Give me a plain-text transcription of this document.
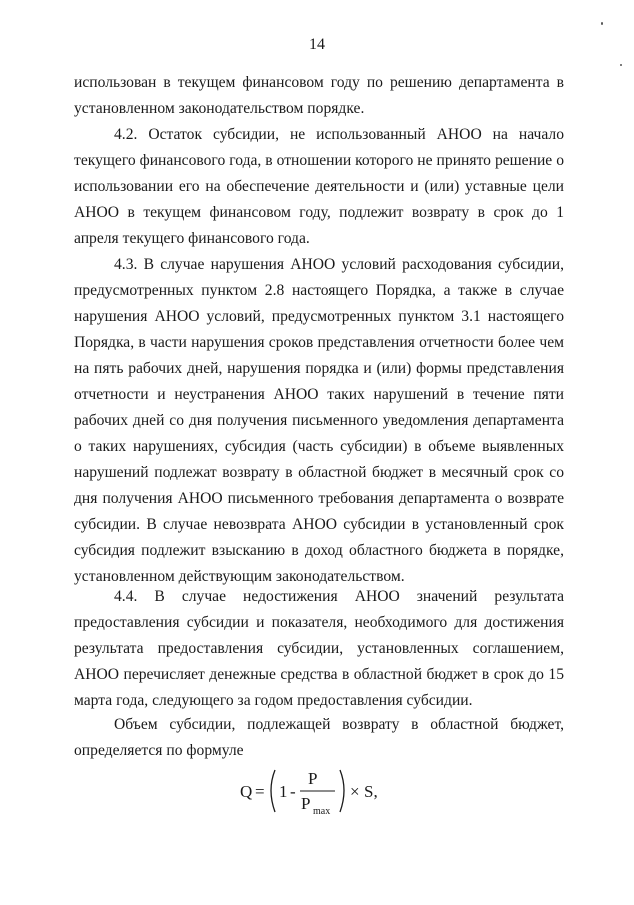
14

использован в текущем финансовом году по решению департамента в установленном законодательством порядке.

4.2. Остаток субсидии, не использованный АНОО на начало текущего финансового года, в отношении которого не принято решение о использовании его на обеспечение деятельности и (или) уставные цели АНОО в текущем финансовом году, подлежит возврату в срок до 1 апреля текущего финансового года.

4.3. В случае нарушения АНОО условий расходования субсидии, предусмотренных пунктом 2.8 настоящего Порядка, а также в случае нарушения АНОО условий, предусмотренных пунктом 3.1 настоящего Порядка, в части нарушения сроков представления отчетности более чем на пять рабочих дней, нарушения порядка и (или) формы представления отчетности и неустранения АНОО таких нарушений в течение пяти рабочих дней со дня получения письменного уведомления департамента о таких нарушениях, субсидия (часть субсидии) в объеме выявленных нарушений подлежат возврату в областной бюджет в месячный срок со дня получения АНОО письменного требования департамента о возврате субсидии. В случае невозврата АНОО субсидии в установленный срок субсидия подлежит взысканию в доход областного бюджета в порядке, установленном действующим законодательством.

4.4. В случае недостижения АНОО значений результата предоставления субсидии и показателя, необходимого для достижения результата предоставления субсидии, установленных соглашением, АНОО перечисляет денежные средства в областной бюджет в срок до 15 марта года, следующего за годом предоставления субсидии.

Объем субсидии, подлежащей возврату в областной бюджет, определяется по формуле

Q = 1 -
P
P max
× S,
